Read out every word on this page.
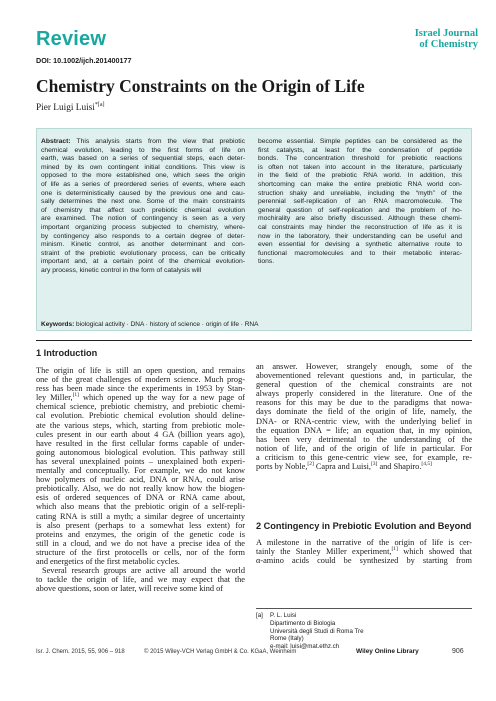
Review	Israel Journal
of Chemistry
DOI: 10.1002/ijch.201400177
Chemistry Constraints on the Origin of Life
Pier Luigi Luisi$^{*[a]}$
Abstract: This analysis starts from the view that prebiotic
chemical evolution, leading to the first forms of life on
earth, was based on a series of sequential steps, each deter-
mined by its own contingent initial conditions. This view is
opposed to the more established one, which sees the origin
of life as a series of preordered series of events, where each
one is deterministically caused by the previous one and cau-
sally determines the next one. Some of the main constraints
of chemistry that affect such prebiotic chemical evolution
are examined. The notion of contingency is seen as a very
important organizing process subjected to chemistry, where-
by contingency also responds to a certain degree of deter-
minism. Kinetic control, as another determinant and con-
straint of the prebiotic evolutionary process, can be critically
important and, at a certain point of the chemical evolution-
ary process, kinetic control in the form of catalysis will
become essential. Simple peptides can be considered as the
first catalysts, at least for the condensation of peptide
bonds. The concentration threshold for prebiotic reactions
is often not taken into account in the literature, particularly
in the field of the prebiotic RNA world. In addition, this
shortcoming can make the entire prebiotic RNA world con-
struction shaky and unreliable, including the “myth” of the
perennial self-replication of an RNA macromolecule. The
general question of self-replication and the problem of ho-
mochirality are also briefly discussed. Although these chemi-
cal constraints may hinder the reconstruction of life as it is
now in the laboratory, their understanding can be useful and
even essential for devising a synthetic alternative route to
functional macromolecules and to their metabolic interac-
tions.
Keywords: biological activity · DNA · history of science · origin of life · RNA
1 Introduction
The origin of life is still an open question, and remains
one of the great challenges of modern science. Much prog-
ress has been made since the experiments in 1953 by Stan-
ley Miller,[1] which opened up the way for a new page of
chemical science, prebiotic chemistry, and prebiotic chemi-
cal evolution. Prebiotic chemical evolution should deline-
ate the various steps, which, starting from prebiotic mole-
cules present in our earth about 4 GA (billion years ago),
have resulted in the first cellular forms capable of under-
going autonomous biological evolution. This pathway still
has several unexplained points – unexplained both experi-
mentally and conceptually. For example, we do not know
how polymers of nucleic acid, DNA or RNA, could arise
prebiotically. Also, we do not really know how the biogen-
esis of ordered sequences of DNA or RNA came about,
which also means that the prebiotic origin of a self-repli-
cating RNA is still a myth; a similar degree of uncertainty
is also present (perhaps to a somewhat less extent) for
proteins and enzymes, the origin of the genetic code is
still in a cloud, and we do not have a precise idea of the
structure of the first protocells or cells, nor of the form
and energetics of the first metabolic cycles.
Several research groups are active all around the world
to tackle the origin of life, and we may expect that the
above questions, soon or later, will receive some kind of
an answer. However, strangely enough, some of the
abovementioned relevant questions and, in particular, the
general question of the chemical constraints are not
always properly considered in the literature. One of the
reasons for this may be due to the paradigms that nowa-
days dominate the field of the origin of life, namely, the
DNA- or RNA-centric view, with the underlying belief in
the equation DNA = life; an equation that, in my opinion,
has been very detrimental to the understanding of the
notion of life, and of the origin of life in particular. For
a criticism to this gene-centric view see, for example, re-
ports by Noble,[2] Capra and Luisi,[3] and Shapiro.[4,5]
2 Contingency in Prebiotic Evolution and Beyond
A milestone in the narrative of the origin of life is cer-
tainly the Stanley Miller experiment,[1] which showed that
α-amino acids could be synthesized by starting from
[a]	P. L. Luisi
Dipartimento di Biologia
Università degli Studi di Roma Tre
Rome (Italy)
e-mail: luisi@mat.ethz.ch
Isr. J. Chem. 2015, 55, 906 – 918	© 2015 Wiley-VCH Verlag GmbH & Co. KGaA, Weinheim	Wiley Online Library	906
